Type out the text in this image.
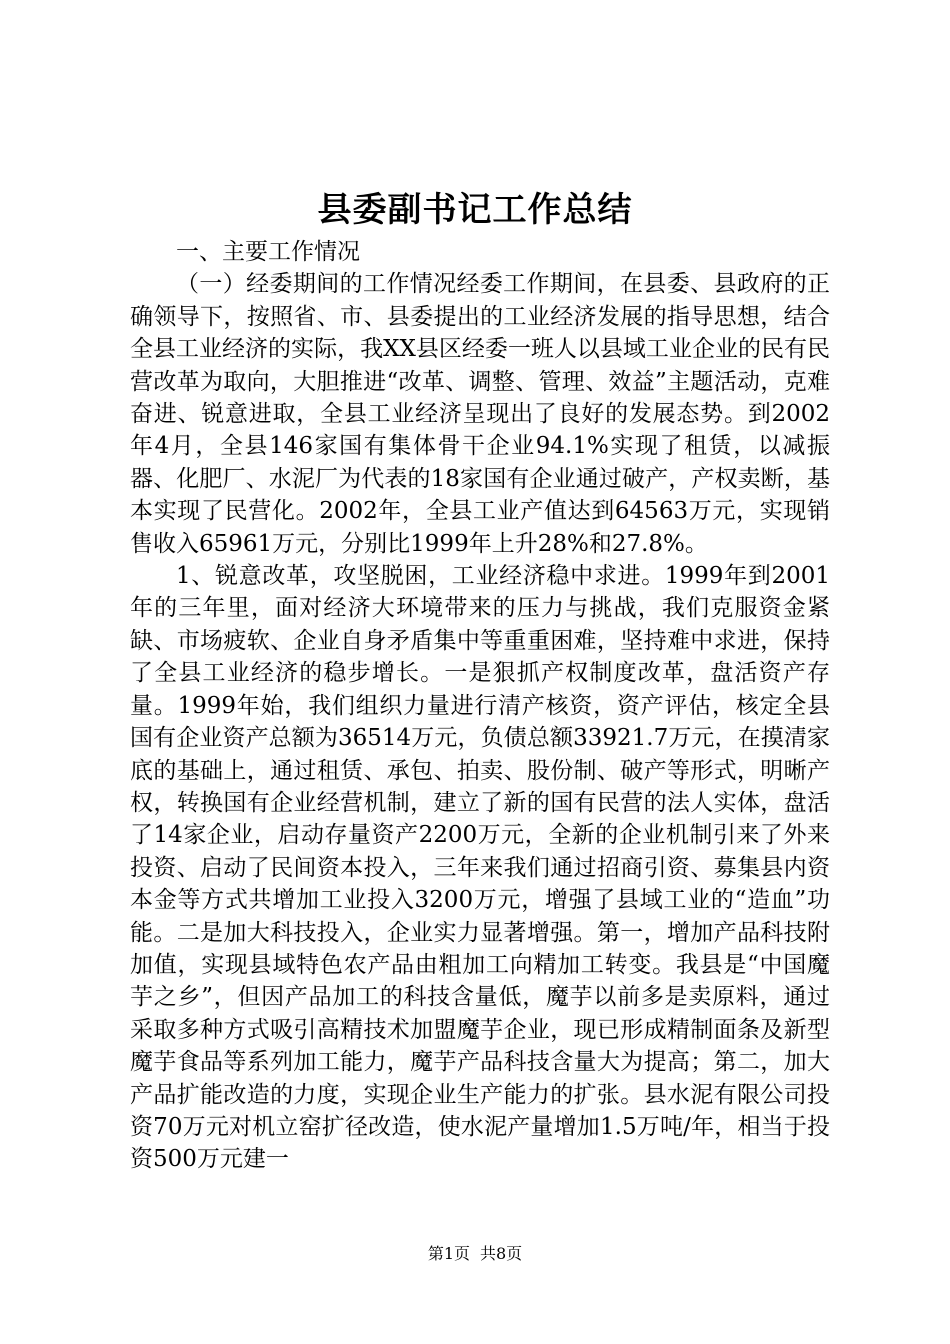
县委副书记工作总结

一、主要工作情况

（一）经委期间的工作情况经委工作期间，在县委、县政府的正确领导下，按照省、市、县委提出的工业经济发展的指导思想，结合全县工业经济的实际，我XX县区经委一班人以县域工业企业的民有民营改革为取向，大胆推进“改革、调整、管理、效益”主题活动，克难奋进、锐意进取，全县工业经济呈现出了良好的发展态势。到2002年4月，全县146家国有集体骨干企业94.1%实现了租赁，以减振器、化肥厂、水泥厂为代表的18家国有企业通过破产，产权卖断，基本实现了民营化。2002年，全县工业产值达到64563万元，实现销售收入65961万元，分别比1999年上升28%和27.8%。

1、锐意改革，攻坚脱困，工业经济稳中求进。1999年到2001年的三年里，面对经济大环境带来的压力与挑战，我们克服资金紧缺、市场疲软、企业自身矛盾集中等重重困难，坚持难中求进，保持了全县工业经济的稳步增长。一是狠抓产权制度改革，盘活资产存量。1999年始，我们组织力量进行清产核资，资产评估，核定全县国有企业资产总额为36514万元，负债总额33921.7万元，在摸清家底的基础上，通过租赁、承包、拍卖、股份制、破产等形式，明晰产权，转换国有企业经营机制，建立了新的国有民营的法人实体，盘活了14家企业，启动存量资产2200万元，全新的企业机制引来了外来投资、启动了民间资本投入，三年来我们通过招商引资、募集县内资本金等方式共增加工业投入3200万元，增强了县域工业的“造血”功能。二是加大科技投入，企业实力显著增强。第一，增加产品科技附加值，实现县域特色农产品由粗加工向精加工转变。我县是“中国魔芋之乡”，但因产品加工的科技含量低，魔芋以前多是卖原料，通过采取多种方式吸引高精技术加盟魔芋企业，现已形成精制面条及新型魔芋食品等系列加工能力，魔芋产品科技含量大为提高；第二，加大产品扩能改造的力度，实现企业生产能力的扩张。县水泥有限公司投资70万元对机立窑扩径改造，使水泥产量增加1.5万吨/年，相当于投资500万元建一

第1页 共8页
